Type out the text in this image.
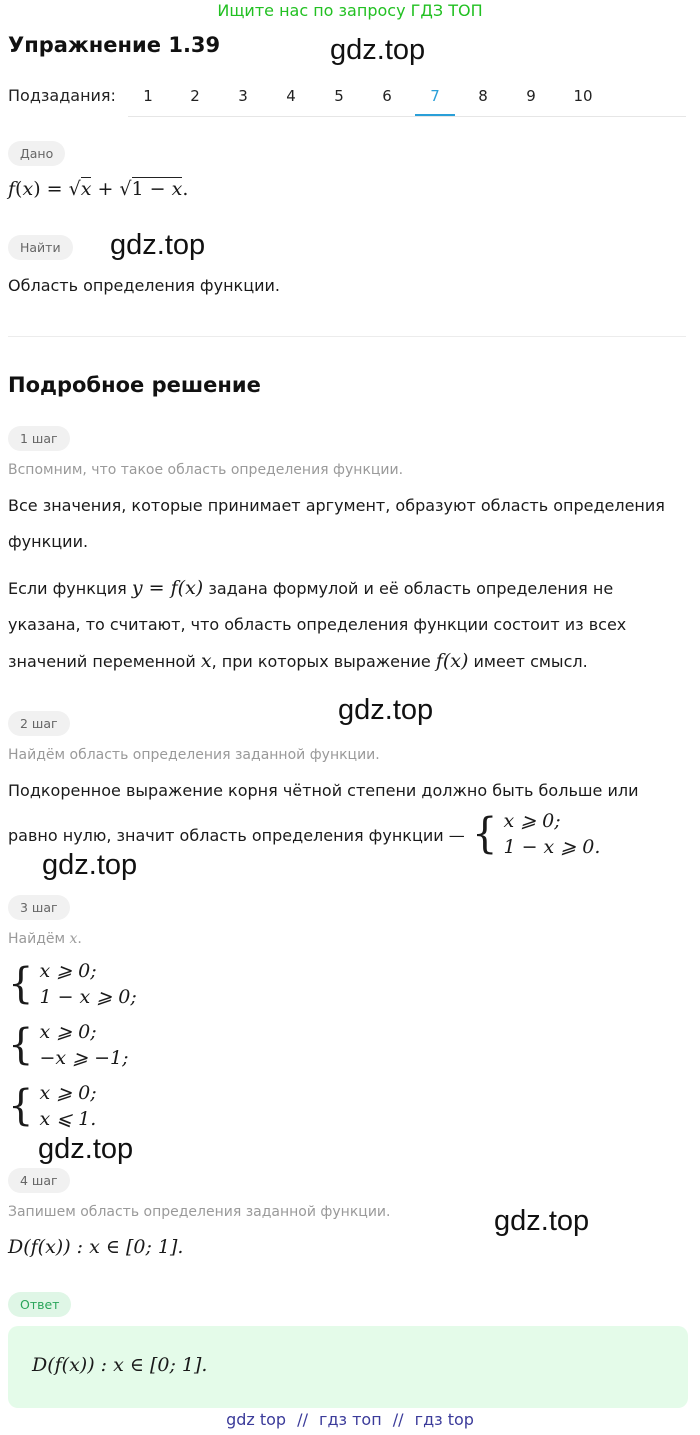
Ищите нас по запросу ГДЗ ТОП
Упражнение 1.39	gdz.top
gdz.top
gdz.top
gdz.top
gdz.top
gdz.top
Подзадания:	1	2	3	4	5	6	7	8	9	10
Дано
f(x) = √x + √1 − x.
Найти
Область определения функции.
Подробное решение
1 шаг
Вспомним, что такое область определения функции.
Все значения, которые принимает аргумент, образуют область определения функции.
Если функция y = f(x) задана формулой и её область определения не
указана, то считают, что область определения функции состоит из всех
значений переменной x, при которых выражение f(x) имеет смысл.
2 шаг
Найдём область определения заданной функции.
Подкоренное выражение корня чётной степени должно быть больше или
равно нулю, значит область определения функции — { x ⩾ 0;
1 − x ⩾ 0.
3 шаг
Найдём x.
{ x ⩾ 0;
1 − x ⩾ 0;
{ x ⩾ 0;
−x ⩾ −1;
{ x ⩾ 0;
x ⩽ 1.
4 шаг
Запишем область определения заданной функции.
D(f(x)) : x ∈ [0; 1].
Ответ
D(f(x)) : x ∈ [0; 1].
gdz top // гдз топ // гдз top
